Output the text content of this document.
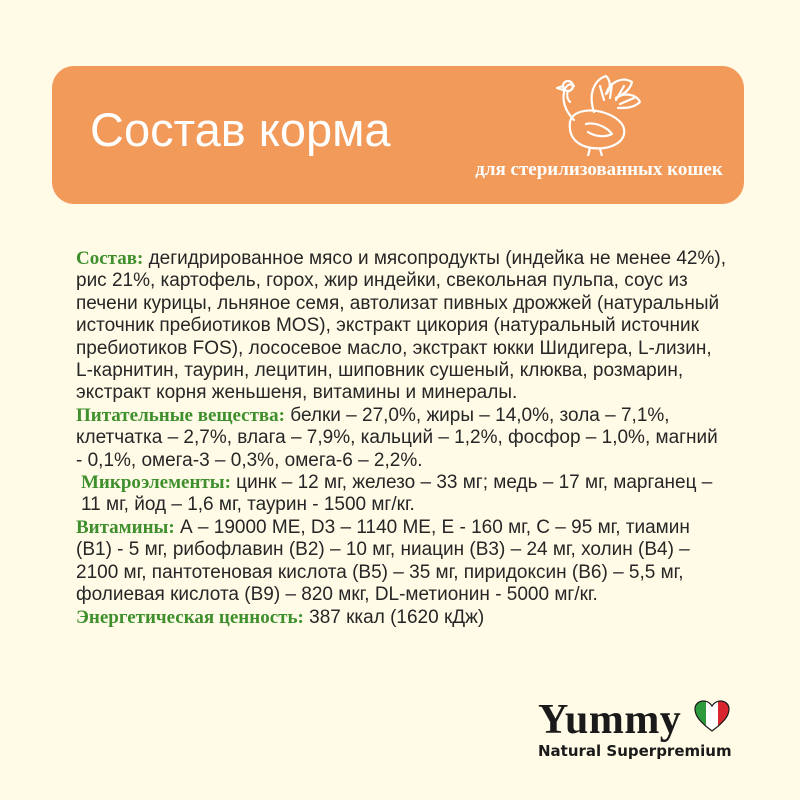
Состав корма
для стерилизованных кошек

Состав: дегидрированное мясо и мясопродукты (индейка не менее 42%), рис 21%, картофель, горох, жир индейки, свекольная пульпа, соус из печени курицы, льняное семя, автолизат пивных дрожжей (натуральный источник пребиотиков MOS), экстракт цикория (натуральный источник пребиотиков FOS), лососевое масло, экстракт юкки Шидигера, L-лизин, L-карнитин, таурин, лецитин, шиповник сушеный, клюква, розмарин, экстракт корня женьшеня, витамины и минералы.

Питательные вещества: белки – 27,0%, жиры – 14,0%, зола – 7,1%, клетчатка – 2,7%, влага – 7,9%, кальций – 1,2%, фосфор – 1,0%, магний - 0,1%, омега-3 – 0,3%, омега-6 – 2,2%.

Микроэлементы: цинк – 12 мг, железо – 33 мг; медь – 17 мг, марганец – 11 мг, йод – 1,6 мг, таурин - 1500 мг/кг.

Витамины: А – 19000 МЕ, D3 – 1140 МЕ, Е - 160 мг, С – 95 мг, тиамин (В1) - 5 мг, рибофлавин (В2) – 10 мг, ниацин (В3) – 24 мг, холин (В4) – 2100 мг, пантотеновая кислота (В5) – 35 мг, пиридоксин (В6) – 5,5 мг, фолиевая кислота (В9) – 820 мкг, DL-метионин - 5000 мг/кг.

Энергетическая ценность: 387 ккал (1620 кДж)

Yummy
Natural Superpremium
